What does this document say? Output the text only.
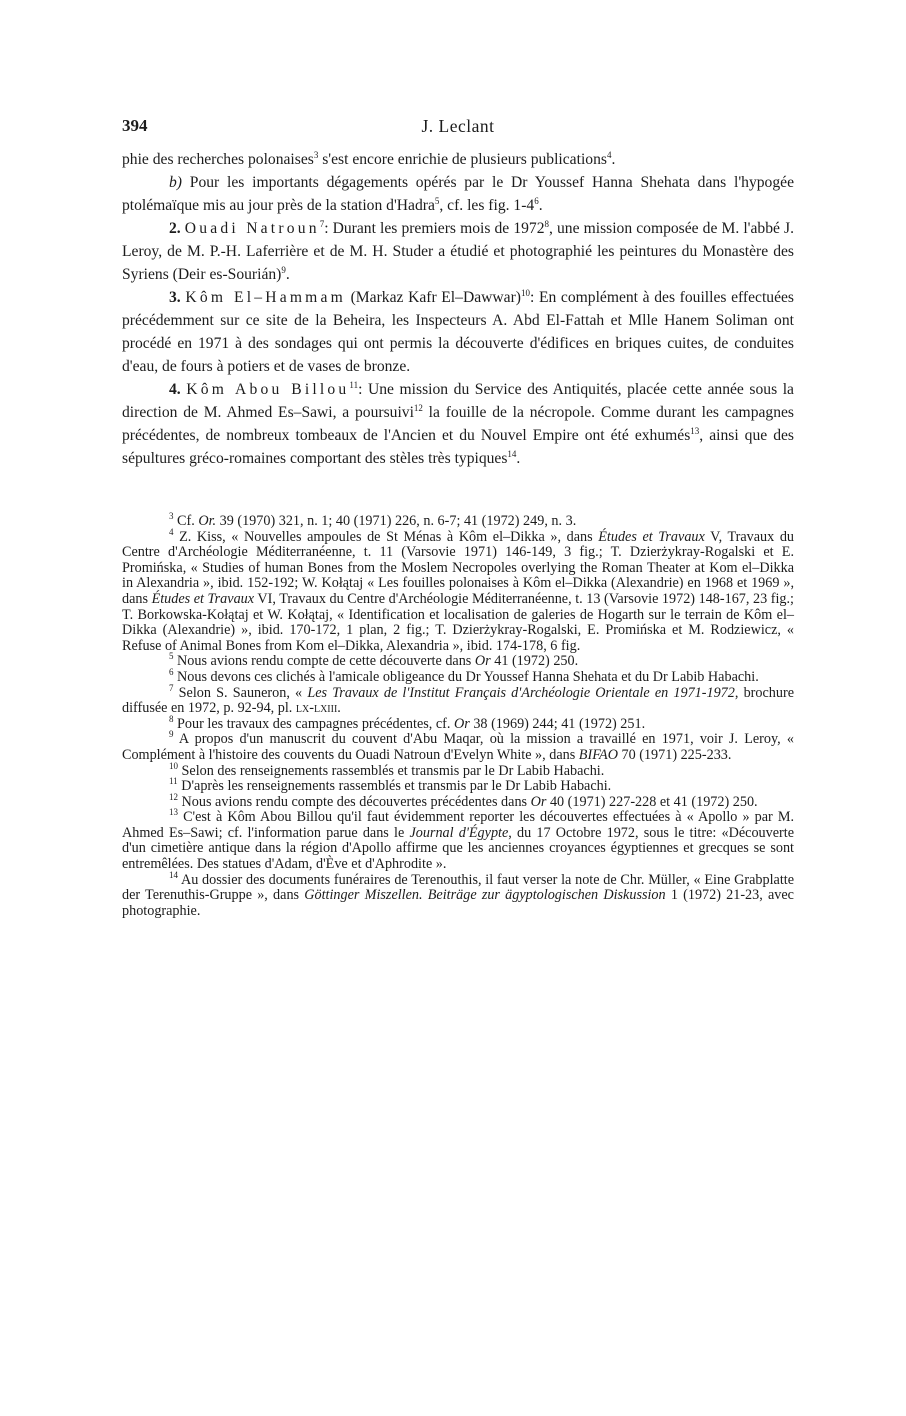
394	J. Leclant

phie des recherches polonaises$^3$ s'est encore enrichie de plusieurs publications$^4$.

b) Pour les importants dégagements opérés par le Dr Youssef Hanna Shehata dans l'hypogée ptolémaïque mis au jour près de la station d'Hadra$^5$, cf. les fig. $1-4^6$.

2. Ouadi Natroun$^7$: Durant les premiers mois de 1972$^8$, une mission composée de M. l'abbé J. Leroy, de M. P.-H. Laferrière et de M. H. Studer a étudié et photographié les peintures du Monastère des Syriens (Deir es-Sourián)$^9$.

3. Kôm El–Hammam (Markaz Kafr El–Dawwar)$^{10}$: En complément à des fouilles effectuées précédemment sur ce site de la Beheira, les Inspecteurs A. Abd El-Fattah et Mlle Hanem Soliman ont procédé en 1971 à des sondages qui ont permis la découverte d'édifices en briques cuites, de conduites d'eau, de fours à potiers et de vases de bronze.

4. Kôm Abou Billou$^{11}$: Une mission du Service des Antiquités, placée cette année sous la direction de M. Ahmed Es–Sawi, a poursuivi$^{12}$ la fouille de la nécropole. Comme durant les campagnes précédentes, de nombreux tombeaux de l'Ancien et du Nouvel Empire ont été exhumés$^{13}$, ainsi que des sépultures gréco-romaines comportant des stèles très typiques$^{14}$.

$^3$ Cf. Or. 39 (1970) 321, n. 1; 40 (1971) 226, n. 6-7; 41 (1972) 249, n. 3.

$^4$ Z. Kiss, « Nouvelles ampoules de St Ménas à Kôm el–Dikka », dans Études et Travaux V, Travaux du Centre d'Archéologie Méditerranéenne, t. 11 (Varsovie 1971) 146-149, 3 fig.; T. Dzierżykray-Rogalski et E. Promińska, « Studies of human Bones from the Moslem Necropoles overlying the Roman Theater at Kom el–Dikka in Alexandria », ibid. 152-192; W. Kołątaj « Les fouilles polonaises à Kôm el–Dikka (Alexandrie) en 1968 et 1969 », dans Études et Travaux VI, Travaux du Centre d'Archéologie Méditerranéenne, t. 13 (Varsovie 1972) 148-167, 23 fig.; T. Borkowska-Kołątaj et W. Kołątaj, « Identification et localisation de galeries de Hogarth sur le terrain de Kôm el–Dikka (Alexandrie) », ibid. 170-172, 1 plan, 2 fig.; T. Dzierżykray-Rogalski, E. Promińska et M. Rodziewicz, « Refuse of Animal Bones from Kom el–Dikka, Alexandria », ibid. 174-178, 6 fig.

$^5$ Nous avions rendu compte de cette découverte dans Or 41 (1972) 250.

$^6$ Nous devons ces clichés à l'amicale obligeance du Dr Youssef Hanna Shehata et du Dr Labib Habachi.

$^7$ Selon S. Sauneron, « Les Travaux de l'Institut Français d'Archéologie Orientale en 1971-1972, brochure diffusée en 1972, p. 92-94, pl. lx-lxiii.

$^8$ Pour les travaux des campagnes précédentes, cf. Or 38 (1969) 244; 41 (1972) 251.

$^9$ A propos d'un manuscrit du couvent d'Abu Maqar, où la mission a travaillé en 1971, voir J. Leroy, « Complément à l'histoire des couvents du Ouadi Natroun d'Evelyn White », dans BIFAO 70 (1971) 225-233.

$^{10}$ Selon des renseignements rassemblés et transmis par le Dr Labib Habachi.

$^{11}$ D'après les renseignements rassemblés et transmis par le Dr Labib Habachi.

$^{12}$ Nous avions rendu compte des découvertes précédentes dans Or 40 (1971) 227-228 et 41 (1972) 250.

$^{13}$ C'est à Kôm Abou Billou qu'il faut évidemment reporter les découvertes effectuées à « Apollo » par M. Ahmed Es–Sawi; cf. l'information parue dans le Journal d'Égypte, du 17 Octobre 1972, sous le titre: «Découverte d'un cimetière antique dans la région d'Apollo affirme que les anciennes croyances égyptiennes et grecques se sont entremêlées. Des statues d'Adam, d'Ève et d'Aphrodite ».

$^{14}$ Au dossier des documents funéraires de Terenouthis, il faut verser la note de Chr. Müller, « Eine Grabplatte der Terenuthis-Gruppe », dans Göttinger Miszellen. Beiträge zur ägyptologischen Diskussion 1 (1972) 21-23, avec photographie.
